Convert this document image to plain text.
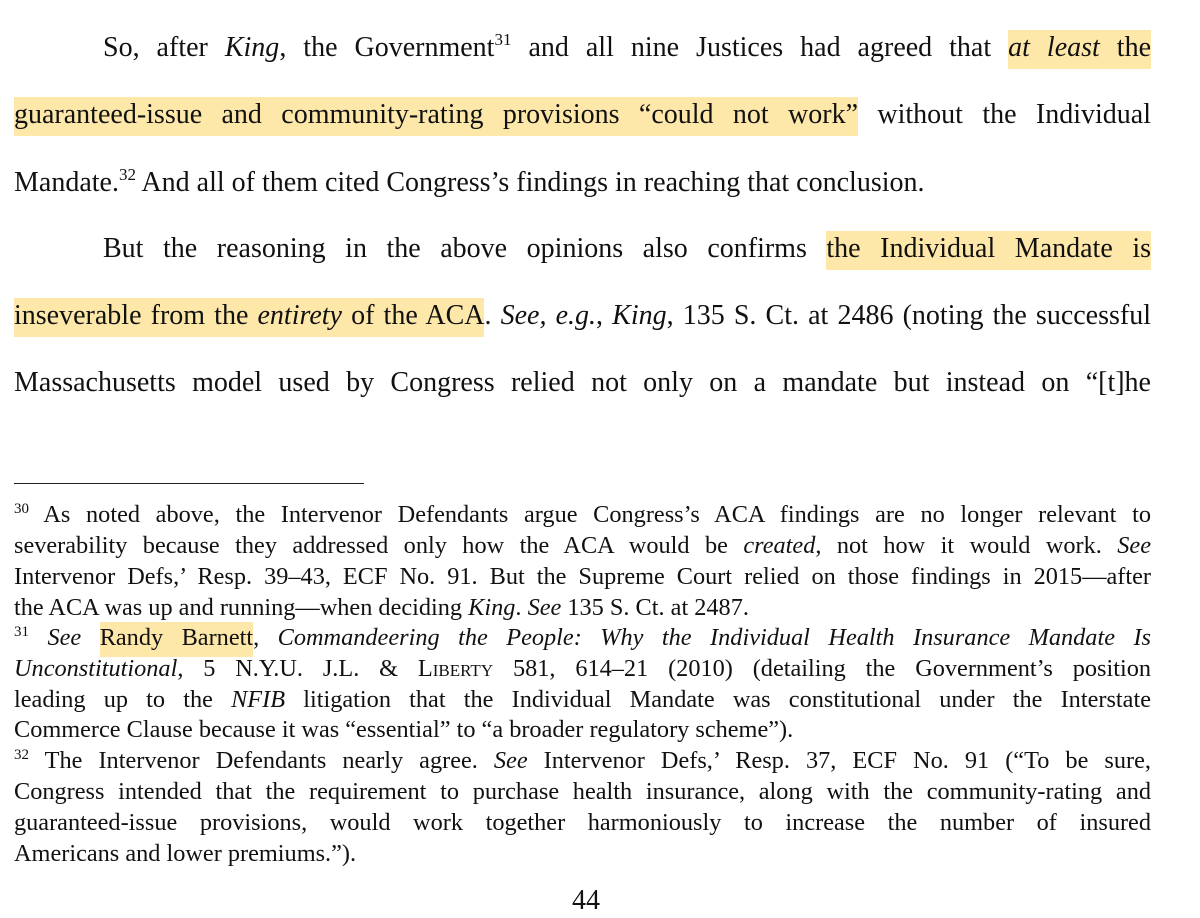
So, after King, the Government$^{31}$ and all nine Justices had agreed that at least the
guaranteed-issue and community-rating provisions “could not work” without the Individual
Mandate.$^{32}$ And all of them cited Congress’s findings in reaching that conclusion.
But the reasoning in the above opinions also confirms the Individual Mandate is
inseverable from the entirety of the ACA. See, e.g., King, 135 S. Ct. at 2486 (noting the successful
Massachusetts model used by Congress relied not only on a mandate but instead on “[t]he
$^{30}$ As noted above, the Intervenor Defendants argue Congress’s ACA findings are no longer relevant to
severability because they addressed only how the ACA would be created, not how it would work. See
Intervenor Defs,’ Resp. 39–43, ECF No. 91. But the Supreme Court relied on those findings in 2015—after
the ACA was up and running—when deciding King. See 135 S. Ct. at 2487.
$^{31}$ See Randy Barnett, Commandeering the People: Why the Individual Health Insurance Mandate Is
Unconstitutional, 5 N.Y.U. J.L. & Liberty 581, 614–21 (2010) (detailing the Government’s position
leading up to the NFIB litigation that the Individual Mandate was constitutional under the Interstate
Commerce Clause because it was “essential” to “a broader regulatory scheme”).
$^{32}$ The Intervenor Defendants nearly agree. See Intervenor Defs,’ Resp. 37, ECF No. 91 (“To be sure,
Congress intended that the requirement to purchase health insurance, along with the community-rating and
guaranteed-issue provisions, would work together harmoniously to increase the number of insured
Americans and lower premiums.”).
44
